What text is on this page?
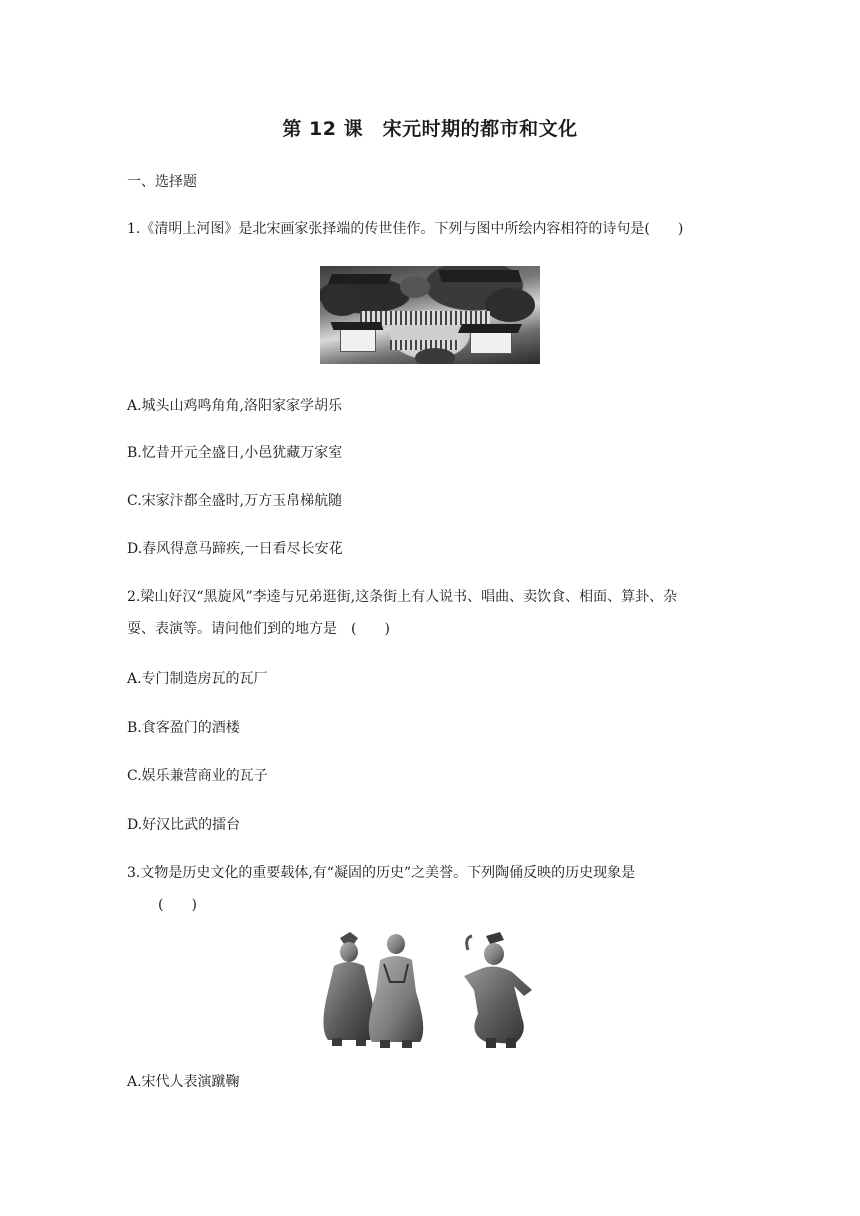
第 12 课　宋元时期的都市和文化
一、选择题
1.《清明上河图》是北宋画家张择端的传世佳作。下列与图中所绘内容相符的诗句是(　　)
A.城头山鸡鸣角角,洛阳家家学胡乐
B.忆昔开元全盛日,小邑犹藏万家室
C.宋家汴都全盛时,万方玉帛梯航随
D.春风得意马蹄疾,一日看尽长安花
2.梁山好汉“黑旋风”李逵与兄弟逛街,这条街上有人说书、唱曲、卖饮食、相面、算卦、杂
耍、表演等。请问他们到的地方是　(　　)
A.专门制造房瓦的瓦厂
B.食客盈门的酒楼
C.娱乐兼营商业的瓦子
D.好汉比武的擂台
3.文物是历史文化的重要载体,有“凝固的历史”之美誉。下列陶俑反映的历史现象是
(　　)
A.宋代人表演蹴鞠
